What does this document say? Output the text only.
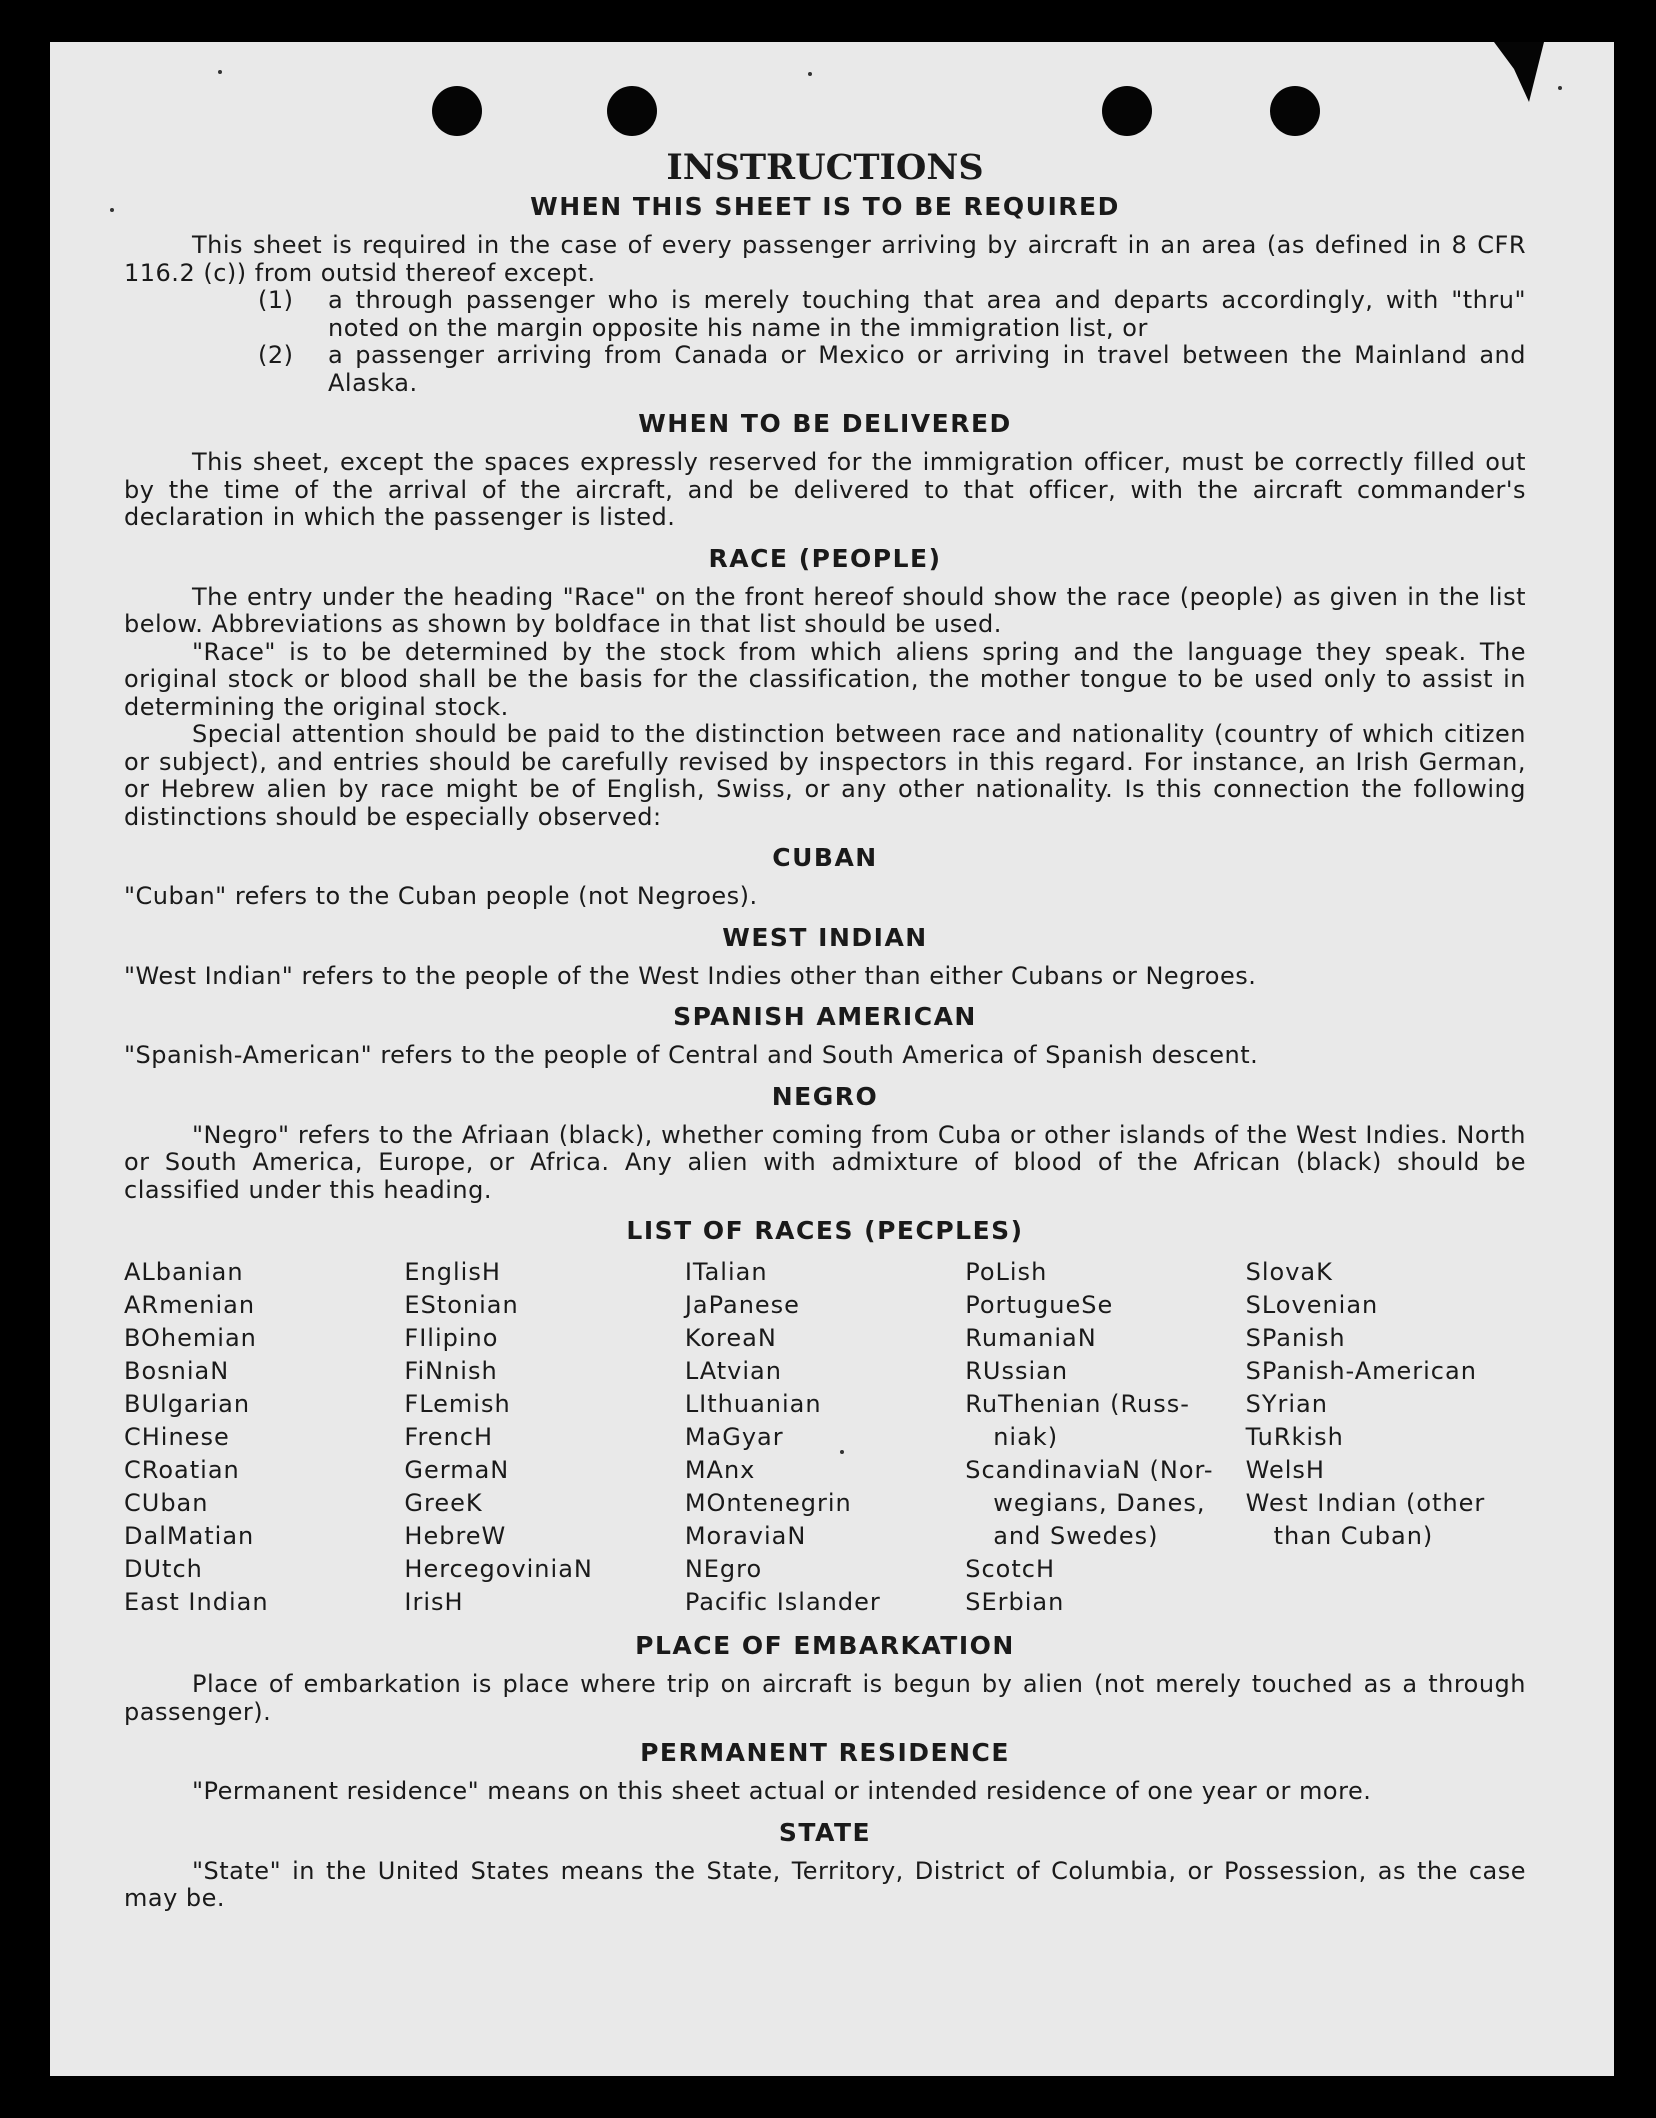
INSTRUCTIONS
WHEN THIS SHEET IS TO BE REQUIRED

This sheet is required in the case of every passenger arriving by aircraft in an area (as defined in 8 CFR 116.2 (c)) from outsid thereof except.

(1) a through passenger who is merely touching that area and departs accordingly, with "thru" noted on the margin opposite his name in the immigration list, or
(2) a passenger arriving from Canada or Mexico or arriving in travel between the Mainland and Alaska.
WHEN TO BE DELIVERED

This sheet, except the spaces expressly reserved for the immigration officer, must be correctly filled out by the time of the arrival of the aircraft, and be delivered to that officer, with the aircraft commander's declaration in which the passenger is listed.

RACE (PEOPLE)

The entry under the heading "Race" on the front hereof should show the race (people) as given in the list below. Abbreviations as shown by boldface in that list should be used.

"Race" is to be determined by the stock from which aliens spring and the language they speak. The original stock or blood shall be the basis for the classification, the mother tongue to be used only to assist in determining the original stock.

Special attention should be paid to the distinction between race and nationality (country of which citizen or subject), and entries should be carefully revised by inspectors in this regard. For instance, an Irish German, or Hebrew alien by race might be of English, Swiss, or any other nationality. Is this connection the following distinctions should be especially observed:

CUBAN

"Cuban" refers to the Cuban people (not Negroes).

WEST INDIAN

"West Indian" refers to the people of the West Indies other than either Cubans or Negroes.

SPANISH AMERICAN

"Spanish-American" refers to the people of Central and South America of Spanish descent.

NEGRO

"Negro" refers to the Afriaan (black), whether coming from Cuba or other islands of the West Indies. North or South America, Europe, or Africa. Any alien with admixture of blood of the African (black) should be classified under this heading.

LIST OF RACES (PECPLES)
ALbanian
ARmenian
BOhemian
BosniaN
BUlgarian
CHinese
CRoatian
CUban
DalMatian
DUtch
East Indian
EnglisH
EStonian
FIlipino
FiNnish
FLemish
FrencH
GermaN
GreeK
HebreW
HercegoviniaN
IrisH
ITalian
JaPanese
KoreaN
LAtvian
LIthuanian
MaGyar
MAnx
MOntenegrin
MoraviaN
NEgro
Pacific Islander
PoLish
PortugueSe
RumaniaN
RUssian
RuThenian (Russ-
niak)
ScandinaviaN (Nor-
wegians, Danes,
and Swedes)
ScotcH
SErbian
SlovaK
SLovenian
SPanish
SPanish-American
SYrian
TuRkish
WelsH
West Indian (other
than Cuban)
PLACE OF EMBARKATION

Place of embarkation is place where trip on aircraft is begun by alien (not merely touched as a through passenger).

PERMANENT RESIDENCE

"Permanent residence" means on this sheet actual or intended residence of one year or more.

STATE

"State" in the United States means the State, Territory, District of Columbia, or Possession, as the case may be.
